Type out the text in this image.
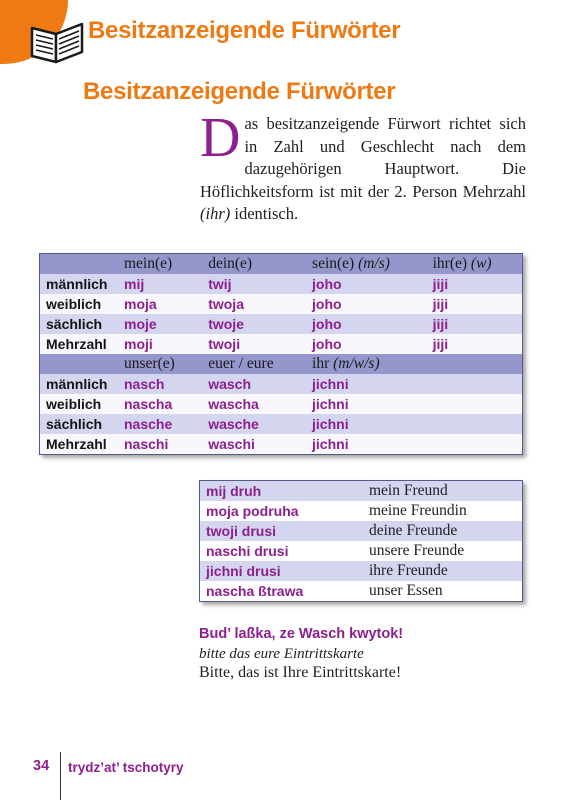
Besitzanzeigende Fürwörter
Besitzanzeigende Fürwörter

Das besitzanzeigende Fürwort richtet sich in Zahl und Geschlecht nach dem dazugehörigen Hauptwort. Die Höflichkeitsform ist mit der 2. Person Mehrzahl (ihr) identisch.

	mein(e)	dein(e)	sein(e) (m/s)	ihr(e) (w)
männlich	mij	twij	joho	jiji
weiblich	moja	twoja	joho	jiji
sächlich	moje	twoje	joho	jiji
Mehrzahl	moji	twoji	joho	jiji
	unser(e)	euer / eure	ihr (m/w/s)	
männlich	nasch	wasch	jichni	
weiblich	nascha	wascha	jichni	
sächlich	nasche	wasche	jichni	
Mehrzahl	naschi	waschi	jichni	
mij druh	mein Freund
moja podruha	meine Freundin
twoji drusi	deine Freunde
naschi drusi	unsere Freunde
jichni drusi	ihre Freunde
nascha ßtrawa	unser Essen
Bud’ laßka, ze Wasch kwytok!
bitte das eure Eintrittskarte
Bitte, das ist Ihre Eintrittskarte!
34 trydz’at’ tschotyry
